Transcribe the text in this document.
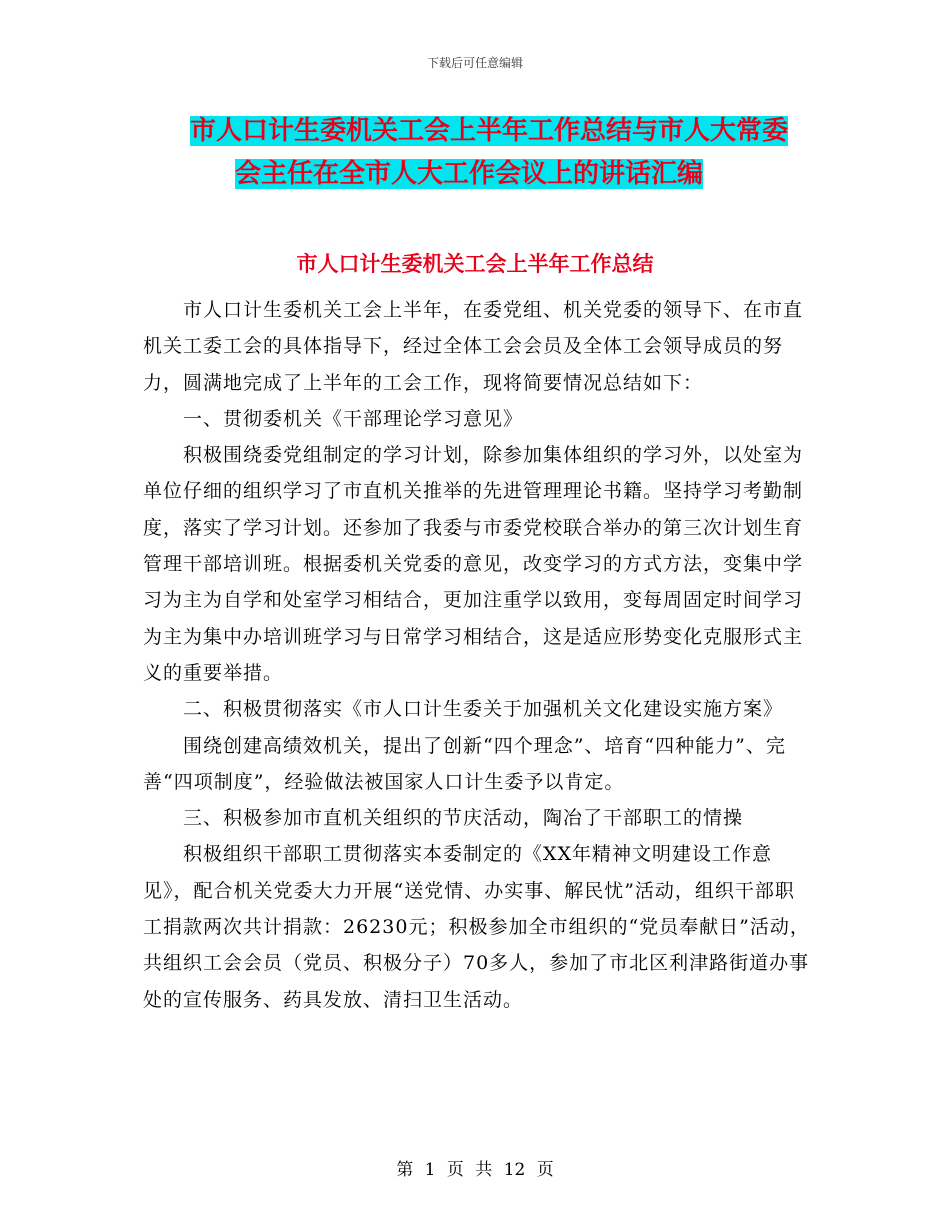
下载后可任意编辑
市人口计生委机关工会上半年工作总结与市人大常委
会主任在全市人大工作会议上的讲话汇编
市人口计生委机关工会上半年工作总结

市人口计生委机关工会上半年，在委党组、机关党委的领导下、在市直机关工委工会的具体指导下，经过全体工会会员及全体工会领导成员的努力，圆满地完成了上半年的工会工作，现将简要情况总结如下：

一、贯彻委机关《干部理论学习意见》

积极围绕委党组制定的学习计划，除参加集体组织的学习外，以处室为单位仔细的组织学习了市直机关推举的先进管理理论书籍。坚持学习考勤制度，落实了学习计划。还参加了我委与市委党校联合举办的第三次计划生育管理干部培训班。根据委机关党委的意见，改变学习的方式方法，变集中学习为主为自学和处室学习相结合，更加注重学以致用，变每周固定时间学习为主为集中办培训班学习与日常学习相结合，这是适应形势变化克服形式主义的重要举措。

二、积极贯彻落实《市人口计生委关于加强机关文化建设实施方案》

围绕创建高绩效机关，提出了创新“四个理念”、培育“四种能力”、完善“四项制度”，经验做法被国家人口计生委予以肯定。

三、积极参加市直机关组织的节庆活动，陶冶了干部职工的情操

积极组织干部职工贯彻落实本委制定的《XX年精神文明建设工作意见》，配合机关党委大力开展“送党情、办实事、解民忧”活动，组织干部职工捐款两次共计捐款：26230元；积极参加全市组织的“党员奉献日”活动，共组织工会会员（党员、积极分子）70多人，参加了市北区利津路街道办事处的宣传服务、药具发放、清扫卫生活动。

第 1 页 共 12 页
